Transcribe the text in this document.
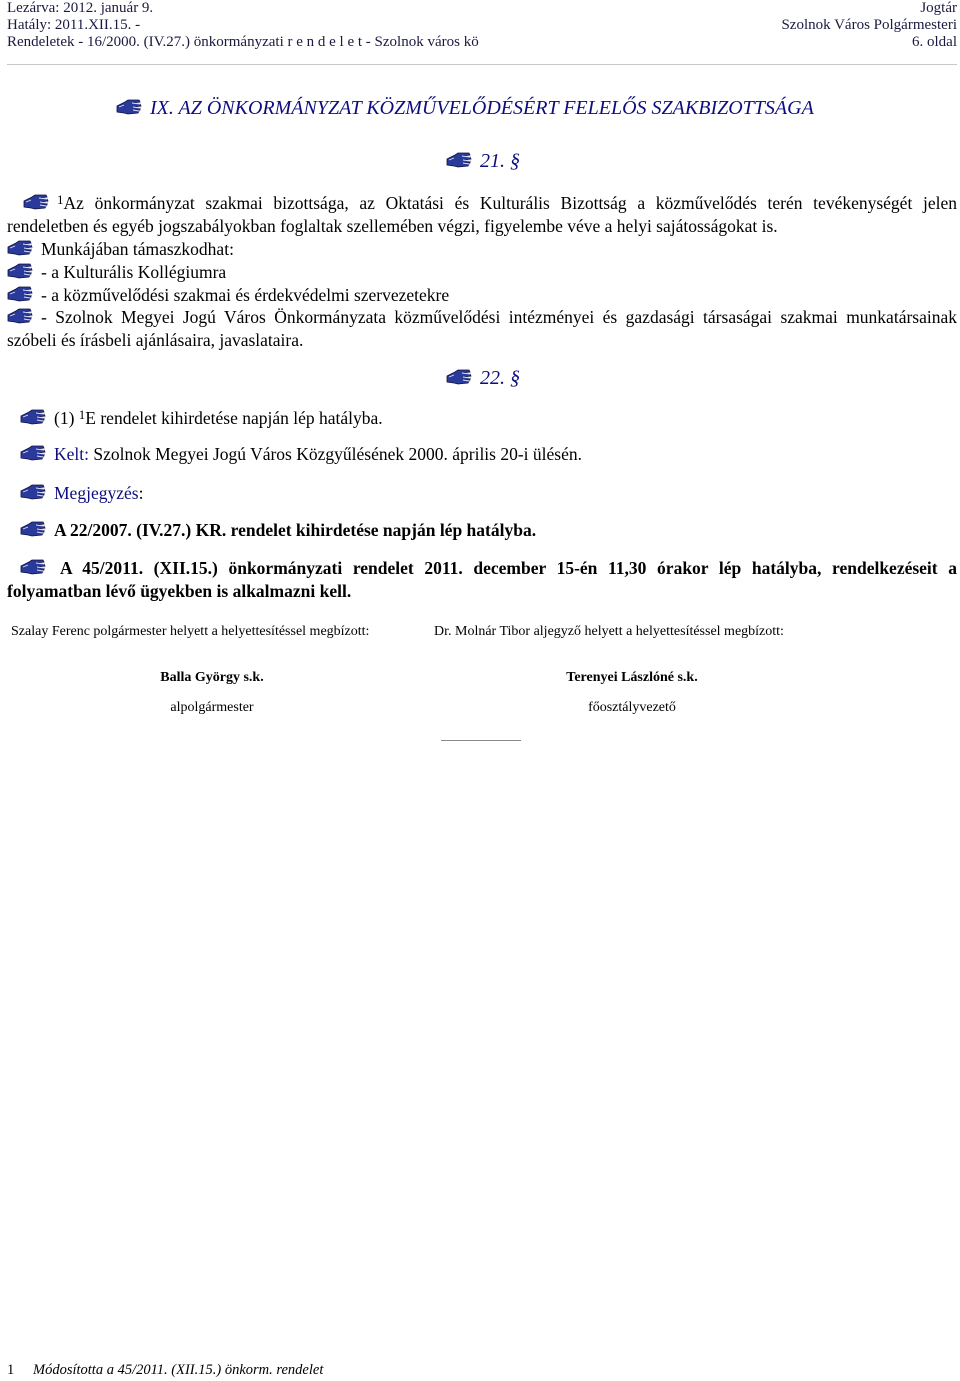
Lezárva: 2012. január 9.
Hatály: 2011.XII.15. -
Rendeletek - 16/2000. (IV.27.) önkormányzati r e n d e l e t - Szolnok város kö
Jogtár
Szolnok Város Polgármesteri
6. oldal
IX. AZ ÖNKORMÁNYZAT KÖZMŰVELŐDÉSÉRT FELELŐS SZAKBIZOTTSÁGA
21. §
$^1$Az önkormányzat szakmai bizottsága, az Oktatási és Kulturális Bizottság a közművelődés terén tevékenységét jelen rendeletben és egyéb jogszabályokban foglaltak szellemében végzi, figyelembe véve a helyi sajátosságokat is.
Munkájában támaszkodhat:
- a Kulturális Kollégiumra
- a közművelődési szakmai és érdekvédelmi szervezetekre
- Szolnok Megyei Jogú Város Önkormányzata közművelődési intézményei és gazdasági társaságai szakmai munkatársainak szóbeli és írásbeli ajánlásaira, javaslataira.
22. §
(1) $^1$E rendelet kihirdetése napján lép hatályba.
Kelt: Szolnok Megyei Jogú Város Közgyűlésének 2000. április 20-i ülésén.
Megjegyzés:
A 22/2007. (IV.27.) KR. rendelet kihirdetése napján lép hatályba.
A 45/2011. (XII.15.) önkormányzati rendelet 2011. december 15-én 11,30 órakor lép hatályba, rendelkezéseit a folyamatban lévő ügyekben is alkalmazni kell.
Szalay Ferenc polgármester helyett a helyettesítéssel megbízott:	Dr. Molnár Tibor aljegyző helyett a helyettesítéssel megbízott:
Balla György s.k.
alpolgármester
Terenyei Lászlóné s.k.
főosztályvezető
1 Módosította a 45/2011. (XII.15.) önkorm. rendelet
